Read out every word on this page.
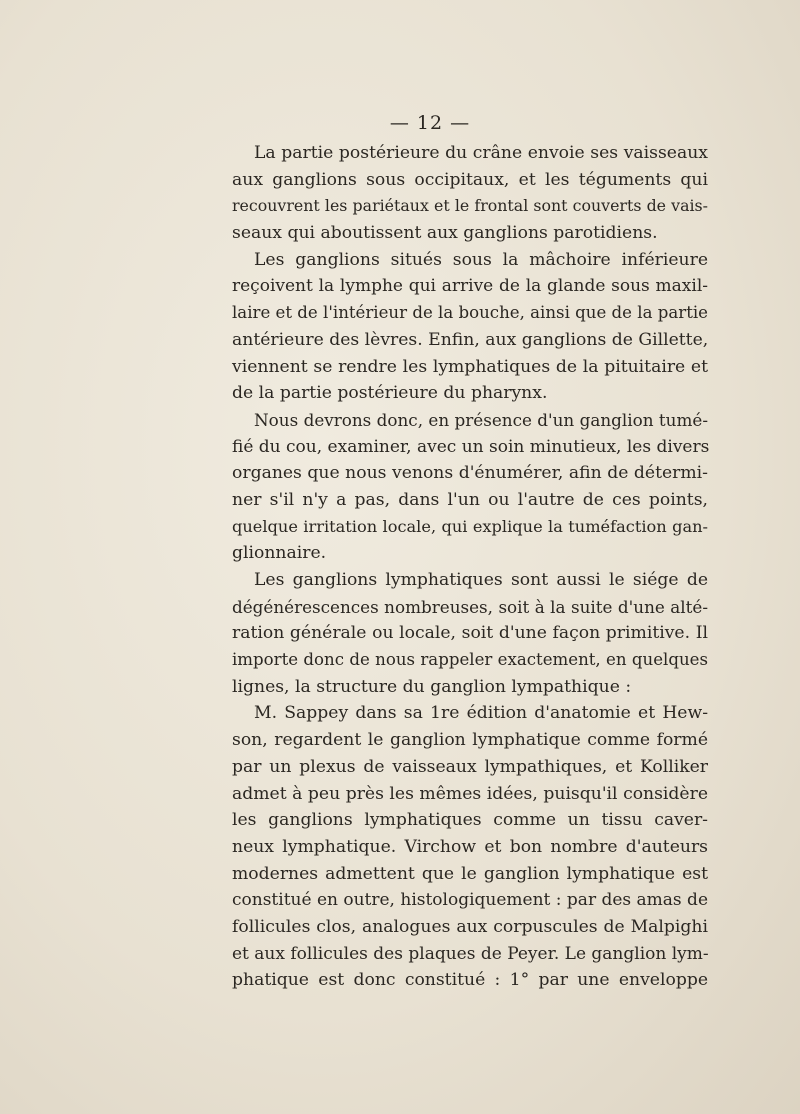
— 12 —
La partie postérieure du crâne envoie ses vaisseaux
aux ganglions sous occipitaux, et les téguments qui
recouvrent les pariétaux et le frontal sont couverts de vais-
seaux qui aboutissent aux ganglions parotidiens.
Les ganglions situés sous la mâchoire inférieure
reçoivent la lymphe qui arrive de la glande sous maxil-
laire et de l'intérieur de la bouche, ainsi que de la partie
antérieure des lèvres. Enfin, aux ganglions de Gillette,
viennent se rendre les lymphatiques de la pituitaire et
de la partie postérieure du pharynx.
Nous devrons donc, en présence d'un ganglion tumé-
fié du cou, examiner, avec un soin minutieux, les divers
organes que nous venons d'énumérer, afin de détermi-
ner s'il n'y a pas, dans l'un ou l'autre de ces points,
quelque irritation locale, qui explique la tuméfaction gan-
glionnaire.
Les ganglions lymphatiques sont aussi le siége de
dégénérescences nombreuses, soit à la suite d'une alté-
ration générale ou locale, soit d'une façon primitive. Il
importe donc de nous rappeler exactement, en quelques
lignes, la structure du ganglion lympathique :
M. Sappey dans sa 1re édition d'anatomie et Hew-
son, regardent le ganglion lymphatique comme formé
par un plexus de vaisseaux lympathiques, et Kolliker
admet à peu près les mêmes idées, puisqu'il considère
les ganglions lymphatiques comme un tissu caver-
neux lymphatique. Virchow et bon nombre d'auteurs
modernes admettent que le ganglion lymphatique est
constitué en outre, histologiquement : par des amas de
follicules clos, analogues aux corpuscules de Malpighi
et aux follicules des plaques de Peyer. Le ganglion lym-
phatique est donc constitué : 1° par une enveloppe
